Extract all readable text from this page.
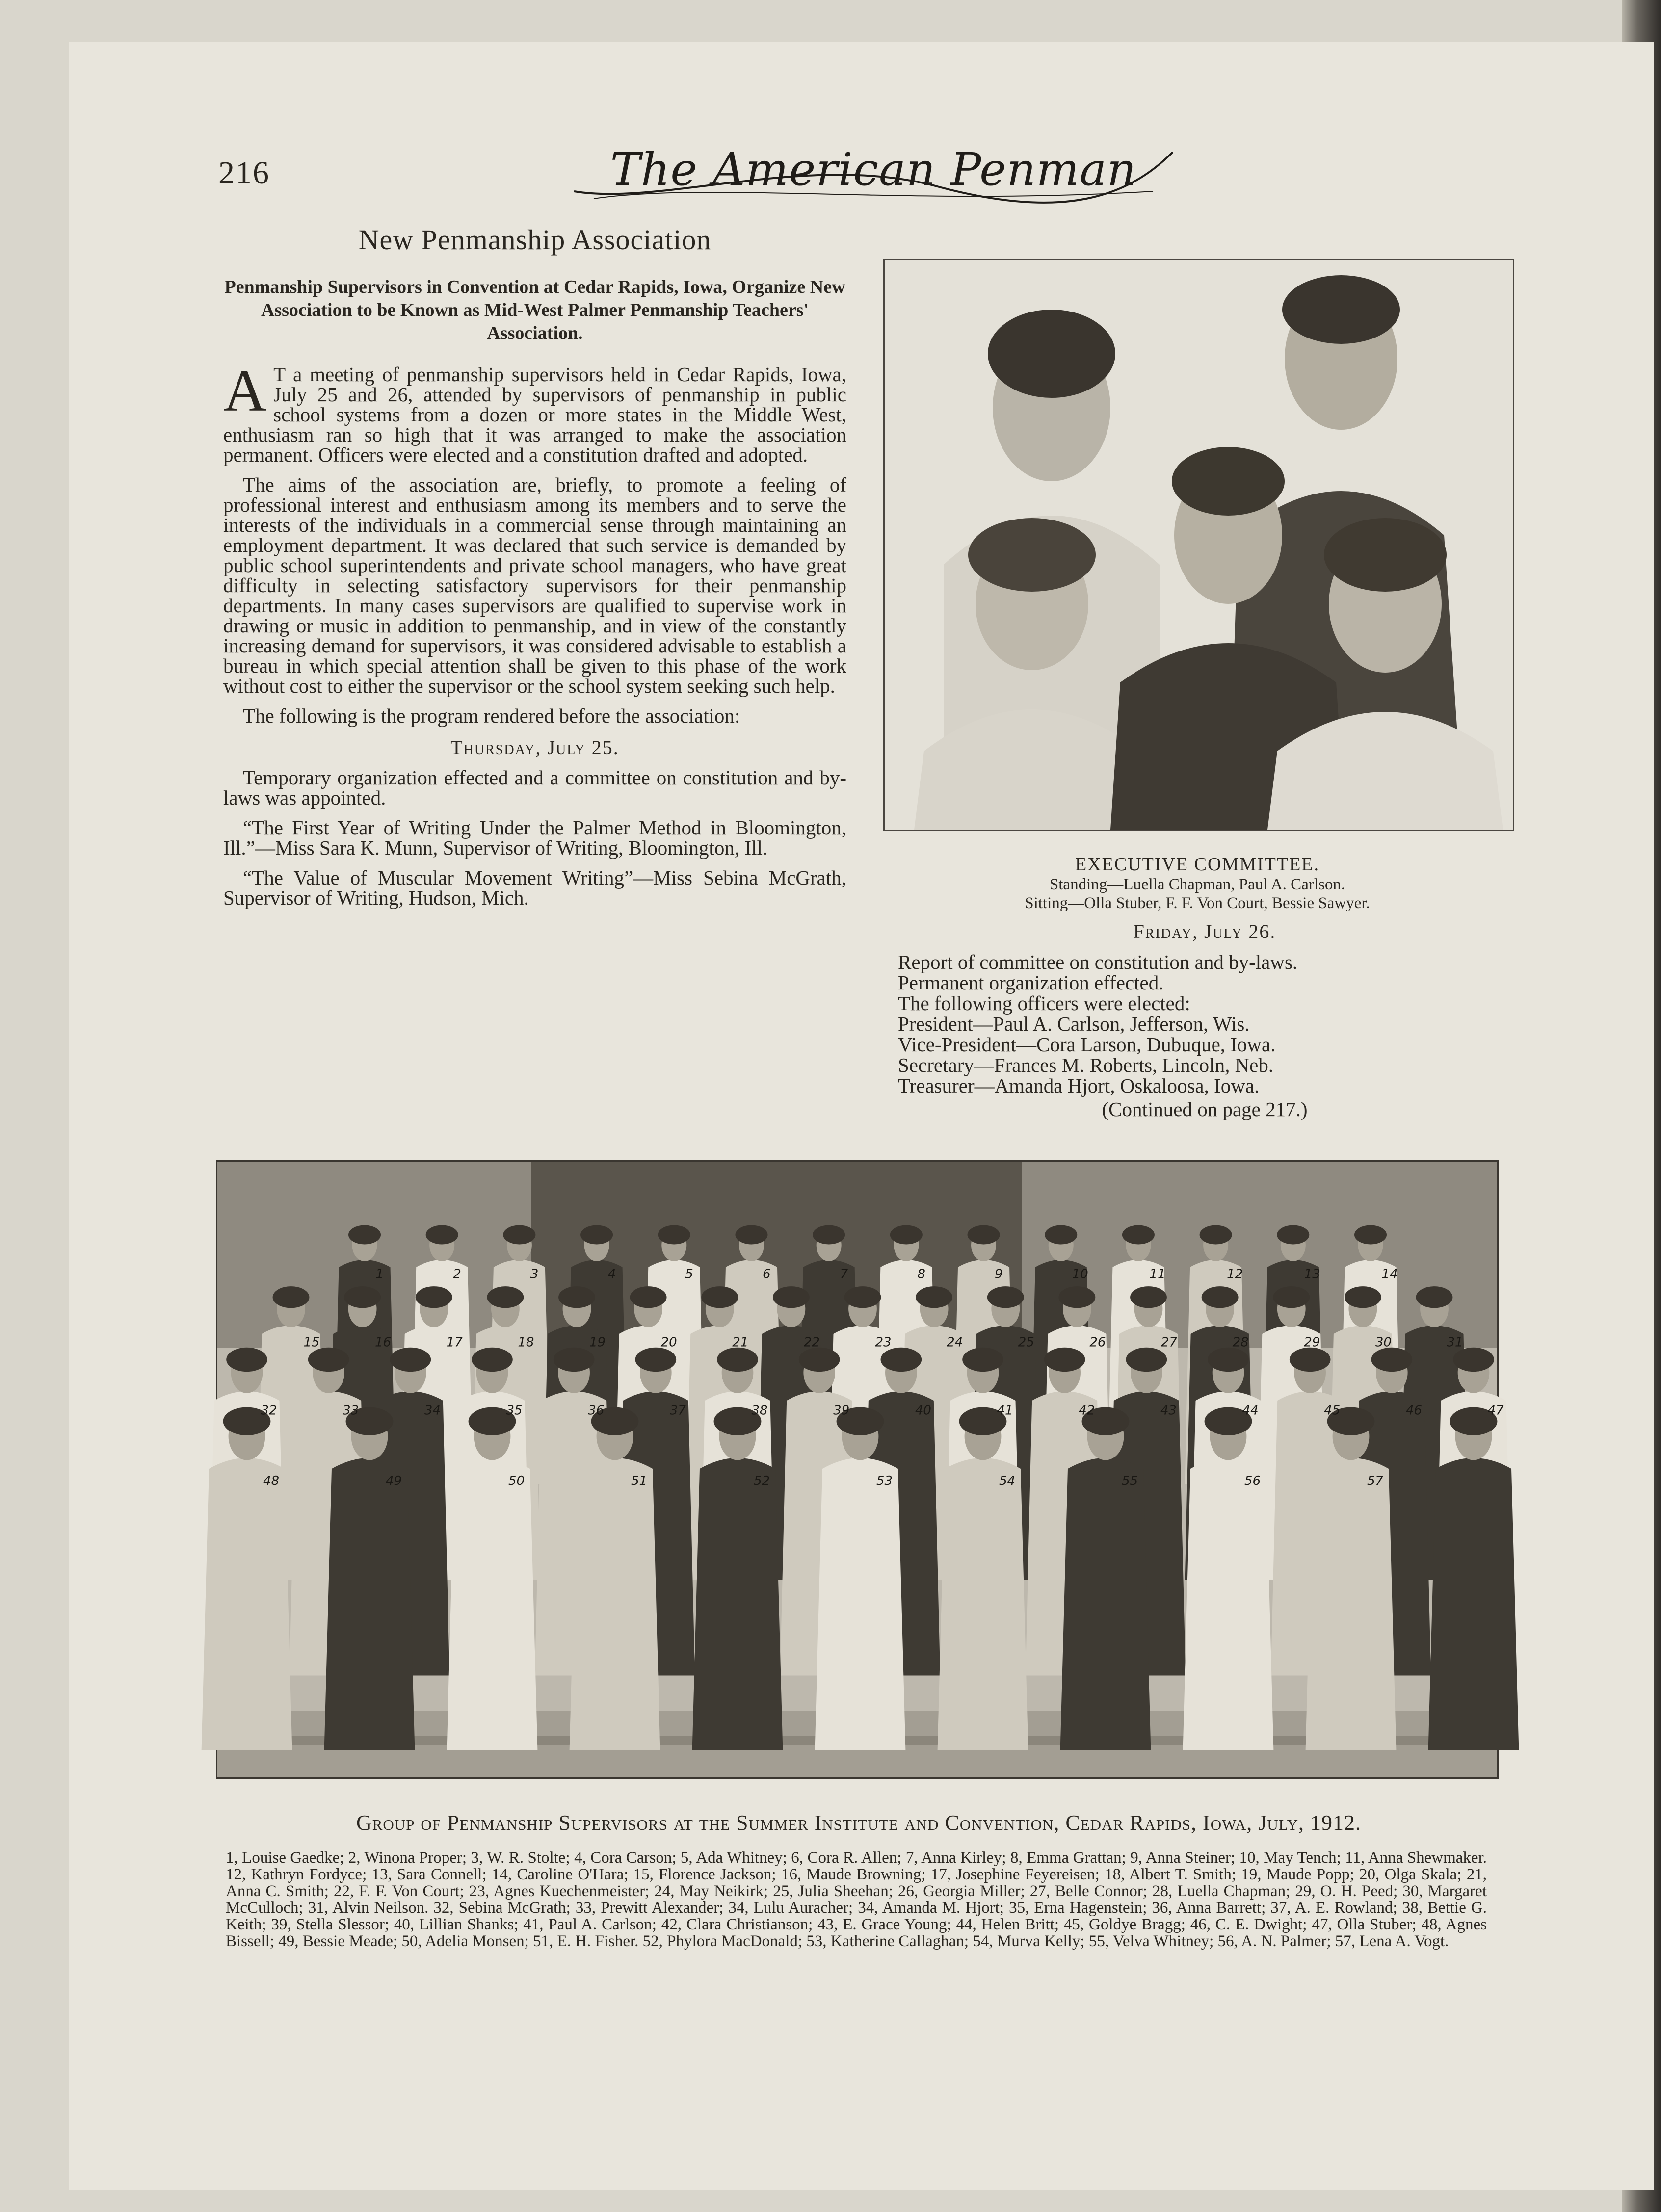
216	The American Penman
New Penmanship Association
Penmanship Supervisors in Convention at Cedar Rapids, Iowa, Organize New Association to be Known as Mid-West Palmer Penmanship Teachers' Association.

A T a meeting of penmanship supervisors held in Cedar Rapids, Iowa, July 25 and 26, attended by supervisors of penmanship in public school systems from a dozen or more states in the Middle West, enthusiasm ran so high that it was arranged to make the association permanent. Officers were elected and a constitution drafted and adopted.

The aims of the association are, briefly, to promote a feeling of professional interest and enthusiasm among its members and to serve the interests of the individuals in a commercial sense through maintaining an employment department. It was declared that such service is demanded by public school superintendents and private school managers, who have great difficulty in selecting satisfactory supervisors for their penmanship departments. In many cases supervisors are qualified to supervise work in drawing or music in addition to penmanship, and in view of the constantly increasing demand for supervisors, it was considered advisable to establish a bureau in which special attention shall be given to this phase of the work without cost to either the supervisor or the school system seeking such help.

The following is the program rendered before the association:

Thursday, July 25.

Temporary organization effected and a committee on constitution and by-laws was appointed.

“The First Year of Writing Under the Palmer Method in Bloomington, Ill.”—Miss Sara K. Munn, Supervisor of Writing, Bloomington, Ill.

“The Value of Muscular Movement Writing”—Miss Sebina McGrath, Supervisor of Writing, Hudson, Mich.

EXECUTIVE COMMITTEE.
Standing—Luella Chapman, Paul A. Carlson.
Sitting—Olla Stuber, F. F. Von Court, Bessie Sawyer.
Friday, July 26.
Report of committee on constitution and by-laws.
Permanent organization effected.
The following officers were elected:
President—Paul A. Carlson, Jefferson, Wis.
Vice-President—Cora Larson, Dubuque, Iowa.
Secretary—Frances M. Roberts, Lincoln, Neb.
Treasurer—Amanda Hjort, Oskaloosa, Iowa.
(Continued on page 217.)
1	2	3	4	5	6	7	8	9	10	11	12	13	14
15	16	17	18	19	20	21	22	23	24	25	26	27	28	29	30	31
32	33	34	35	36	37	38	39	40	41	42	43	44	45	46	47
48	49	50	51	52	53	54	55	56	57
Group of Penmanship Supervisors at the Summer Institute and Convention, Cedar Rapids, Iowa, July, 1912.
1, Louise Gaedke; 2, Winona Proper; 3, W. R. Stolte; 4, Cora Carson; 5, Ada Whitney; 6, Cora R. Allen; 7, Anna Kirley; 8, Emma Grattan; 9, Anna Steiner; 10, May Tench; 11, Anna Shewmaker. 12, Kathryn Fordyce; 13, Sara Connell; 14, Caroline O'Hara; 15, Florence Jackson; 16, Maude Browning; 17, Josephine Feyereisen; 18, Albert T. Smith; 19, Maude Popp; 20, Olga Skala; 21, Anna C. Smith; 22, F. F. Von Court; 23, Agnes Kuechenmeister; 24, May Neikirk; 25, Julia Sheehan; 26, Georgia Miller; 27, Belle Connor; 28, Luella Chapman; 29, O. H. Peed; 30, Margaret McCulloch; 31, Alvin Neilson. 32, Sebina McGrath; 33, Prewitt Alexander; 34, Lulu Auracher; 34, Amanda M. Hjort; 35, Erna Hagenstein; 36, Anna Barrett; 37, A. E. Rowland; 38, Bettie G. Keith; 39, Stella Slessor; 40, Lillian Shanks; 41, Paul A. Carlson; 42, Clara Christianson; 43, E. Grace Young; 44, Helen Britt; 45, Goldye Bragg; 46, C. E. Dwight; 47, Olla Stuber; 48, Agnes Bissell; 49, Bessie Meade; 50, Adelia Monsen; 51, E. H. Fisher. 52, Phylora MacDonald; 53, Katherine Callaghan; 54, Murva Kelly; 55, Velva Whitney; 56, A. N. Palmer; 57, Lena A. Vogt.
